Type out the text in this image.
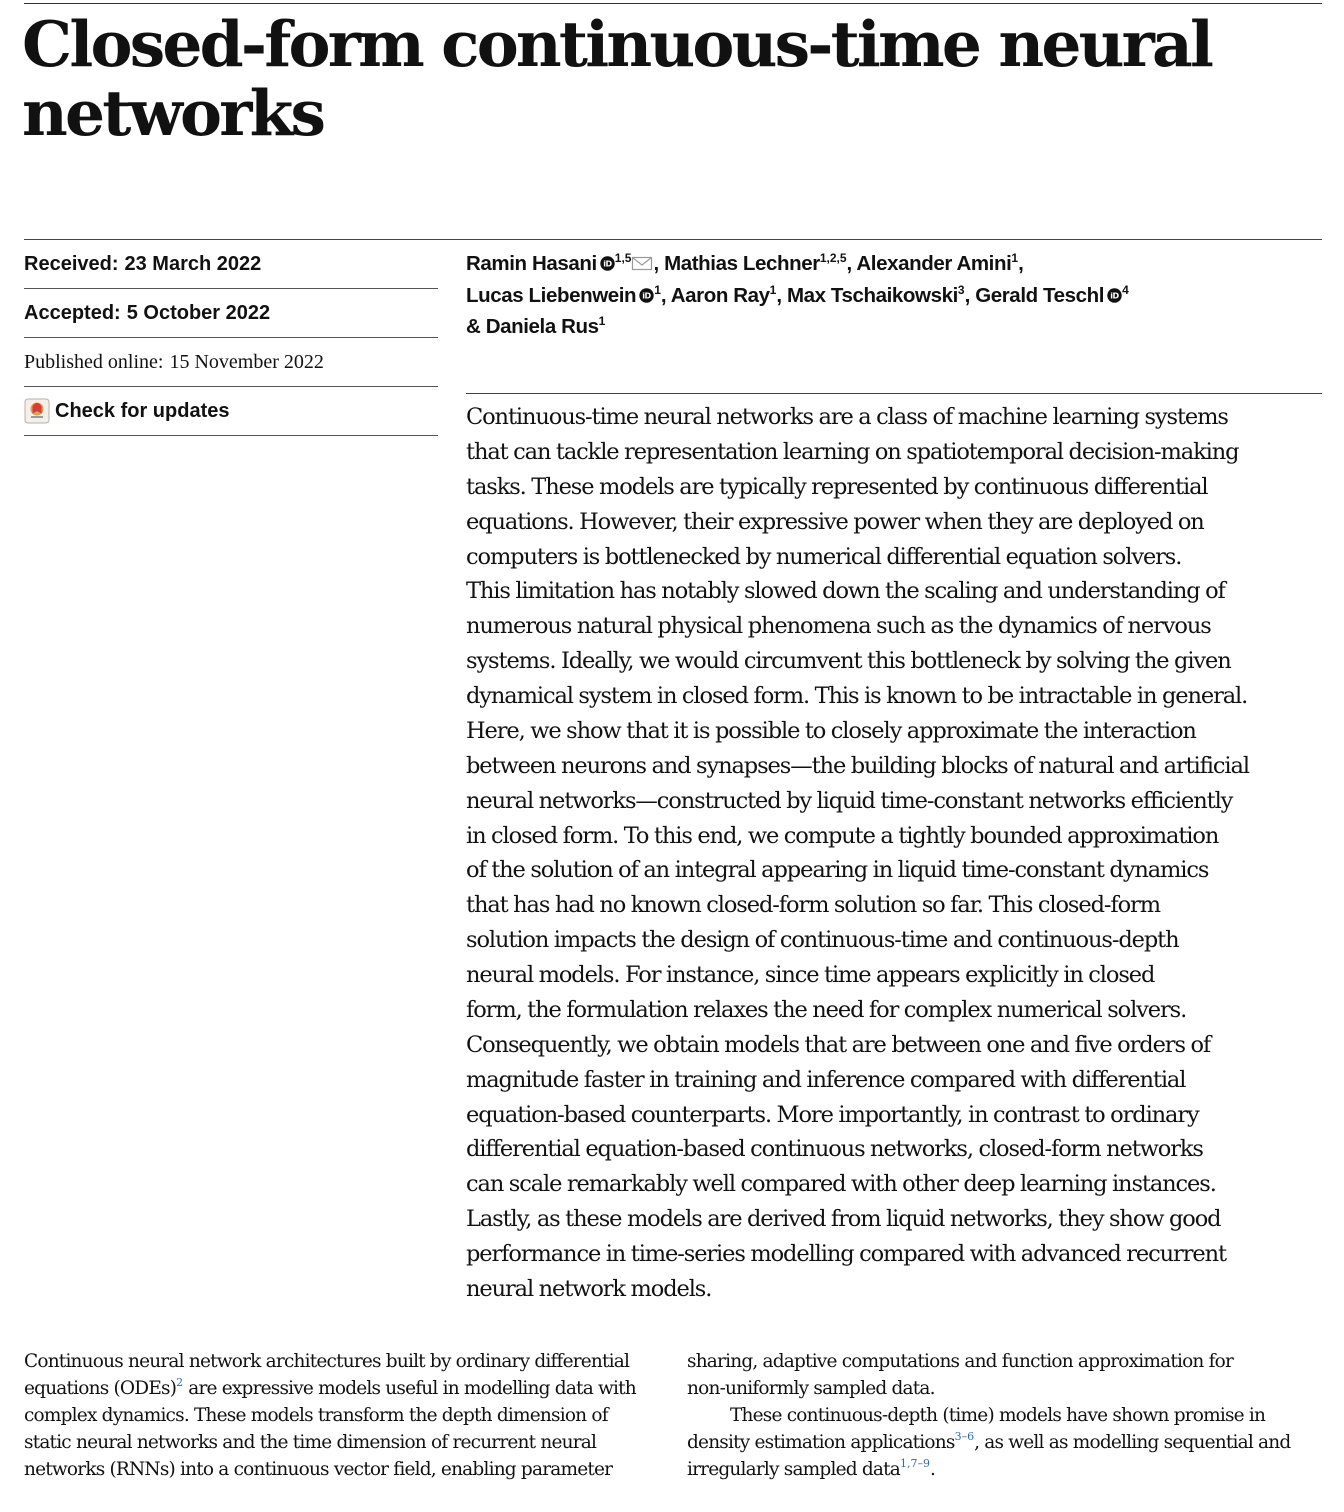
Closed-form continuous-time neural
networks
Received: 23 March 2022
Accepted: 5 October 2022
Published online: 15 November 2022
Check for updates

Ramin Hasani iD $^{1,5}$ , Mathias Lechner$^{1,2,5}$, Alexander Amini$^1$,
Lucas Liebenwein iD $^1$, Aaron Ray$^1$, Max Tschaikowski$^3$, Gerald Teschl iD $^4$
& Daniela Rus$^1$

Continuous-time neural networks are a class of machine learning systems
that can tackle representation learning on spatiotemporal decision-making
tasks. These models are typically represented by continuous differential
equations. However, their expressive power when they are deployed on
computers is bottlenecked by numerical differential equation solvers.
This limitation has notably slowed down the scaling and understanding of
numerous natural physical phenomena such as the dynamics of nervous
systems. Ideally, we would circumvent this bottleneck by solving the given
dynamical system in closed form. This is known to be intractable in general.
Here, we show that it is possible to closely approximate the interaction
between neurons and synapses—the building blocks of natural and artificial
neural networks—constructed by liquid time-constant networks efficiently
in closed form. To this end, we compute a tightly bounded approximation
of the solution of an integral appearing in liquid time-constant dynamics
that has had no known closed-form solution so far. This closed-form
solution impacts the design of continuous-time and continuous-depth
neural models. For instance, since time appears explicitly in closed
form, the formulation relaxes the need for complex numerical solvers.
Consequently, we obtain models that are between one and five orders of
magnitude faster in training and inference compared with differential
equation-based counterparts. More importantly, in contrast to ordinary
differential equation-based continuous networks, closed-form networks
can scale remarkably well compared with other deep learning instances.
Lastly, as these models are derived from liquid networks, they show good
performance in time-series modelling compared with advanced recurrent
neural network models.
Continuous neural network architectures built by ordinary differential
equations (ODEs)$^2$ are expressive models useful in modelling data with
complex dynamics. These models transform the depth dimension of
static neural networks and the time dimension of recurrent neural
networks (RNNs) into a continuous vector field, enabling parameter
sharing, adaptive computations and function approximation for
non-uniformly sampled data.
These continuous-depth (time) models have shown promise in
density estimation applications$^{3-6}$, as well as modelling sequential and
irregularly sampled data$^{1,7-9}$.
